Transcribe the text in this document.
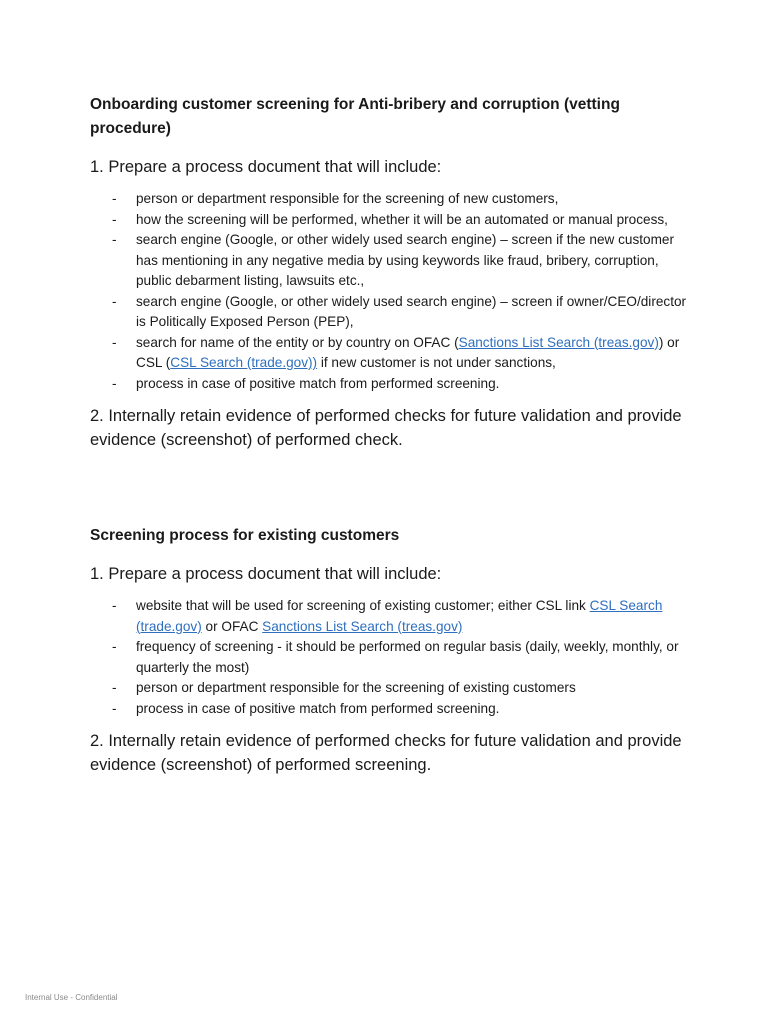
Onboarding customer screening for Anti-bribery and corruption (vetting procedure)
1. Prepare a process document that will include:
- person or department responsible for the screening of new customers,
- how the screening will be performed, whether it will be an automated or manual process,
- search engine (Google, or other widely used search engine) – screen if the new customer has mentioning in any negative media by using keywords like fraud, bribery, corruption, public debarment listing, lawsuits etc.,
- search engine (Google, or other widely used search engine) – screen if owner/CEO/director is Politically Exposed Person (PEP),
- search for name of the entity or by country on OFAC (Sanctions List Search (treas.gov)) or CSL (CSL Search (trade.gov)) if new customer is not under sanctions,
- process in case of positive match from performed screening.
2. Internally retain evidence of performed checks for future validation and provide evidence (screenshot) of performed check.
Screening process for existing customers
1. Prepare a process document that will include:
- website that will be used for screening of existing customer; either CSL link CSL Search (trade.gov) or OFAC Sanctions List Search (treas.gov)
- frequency of screening - it should be performed on regular basis (daily, weekly, monthly, or quarterly the most)
- person or department responsible for the screening of existing customers
- process in case of positive match from performed screening.
2. Internally retain evidence of performed checks for future validation and provide evidence (screenshot) of performed screening.
Internal Use - Confidential
